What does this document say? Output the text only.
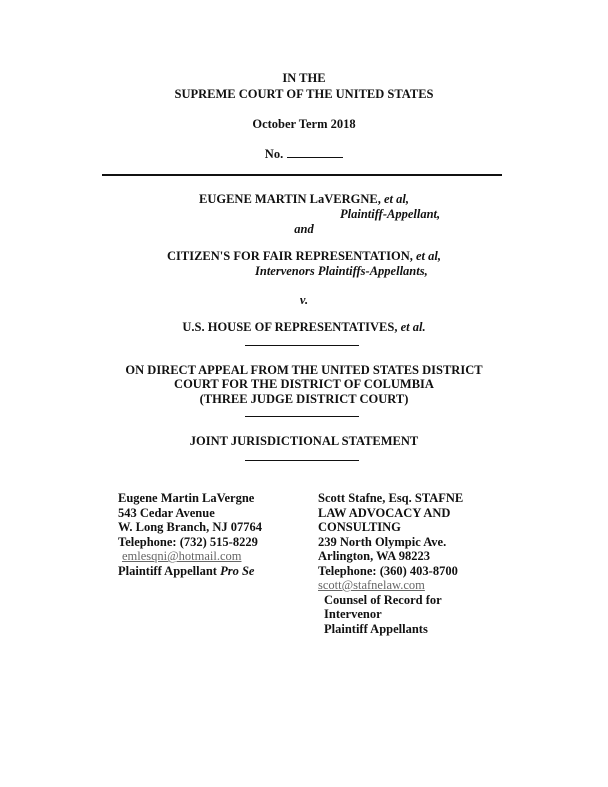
IN THE
SUPREME COURT OF THE UNITED STATES
October Term 2018
No.
EUGENE MARTIN LaVERGNE, et al,
Plaintiff-Appellant,
and
CITIZEN'S FOR FAIR REPRESENTATION, et al,
Intervenors Plaintiffs-Appellants,
v.
U.S. HOUSE OF REPRESENTATIVES, et al.
ON DIRECT APPEAL FROM THE UNITED STATES DISTRICT
COURT FOR THE DISTRICT OF COLUMBIA
(THREE JUDGE DISTRICT COURT)
JOINT JURISDICTIONAL STATEMENT
Eugene Martin LaVergne
543 Cedar Avenue
W. Long Branch, NJ 07764
Telephone: (732) 515-8229
emlesqni@hotmail.com
Plaintiff Appellant Pro Se
Scott Stafne, Esq. STAFNE
LAW ADVOCACY AND
CONSULTING
239 North Olympic Ave.
Arlington, WA 98223
Telephone: (360) 403-8700
scott@stafnelaw.com
Counsel of Record for
Intervenor
Plaintiff Appellants
